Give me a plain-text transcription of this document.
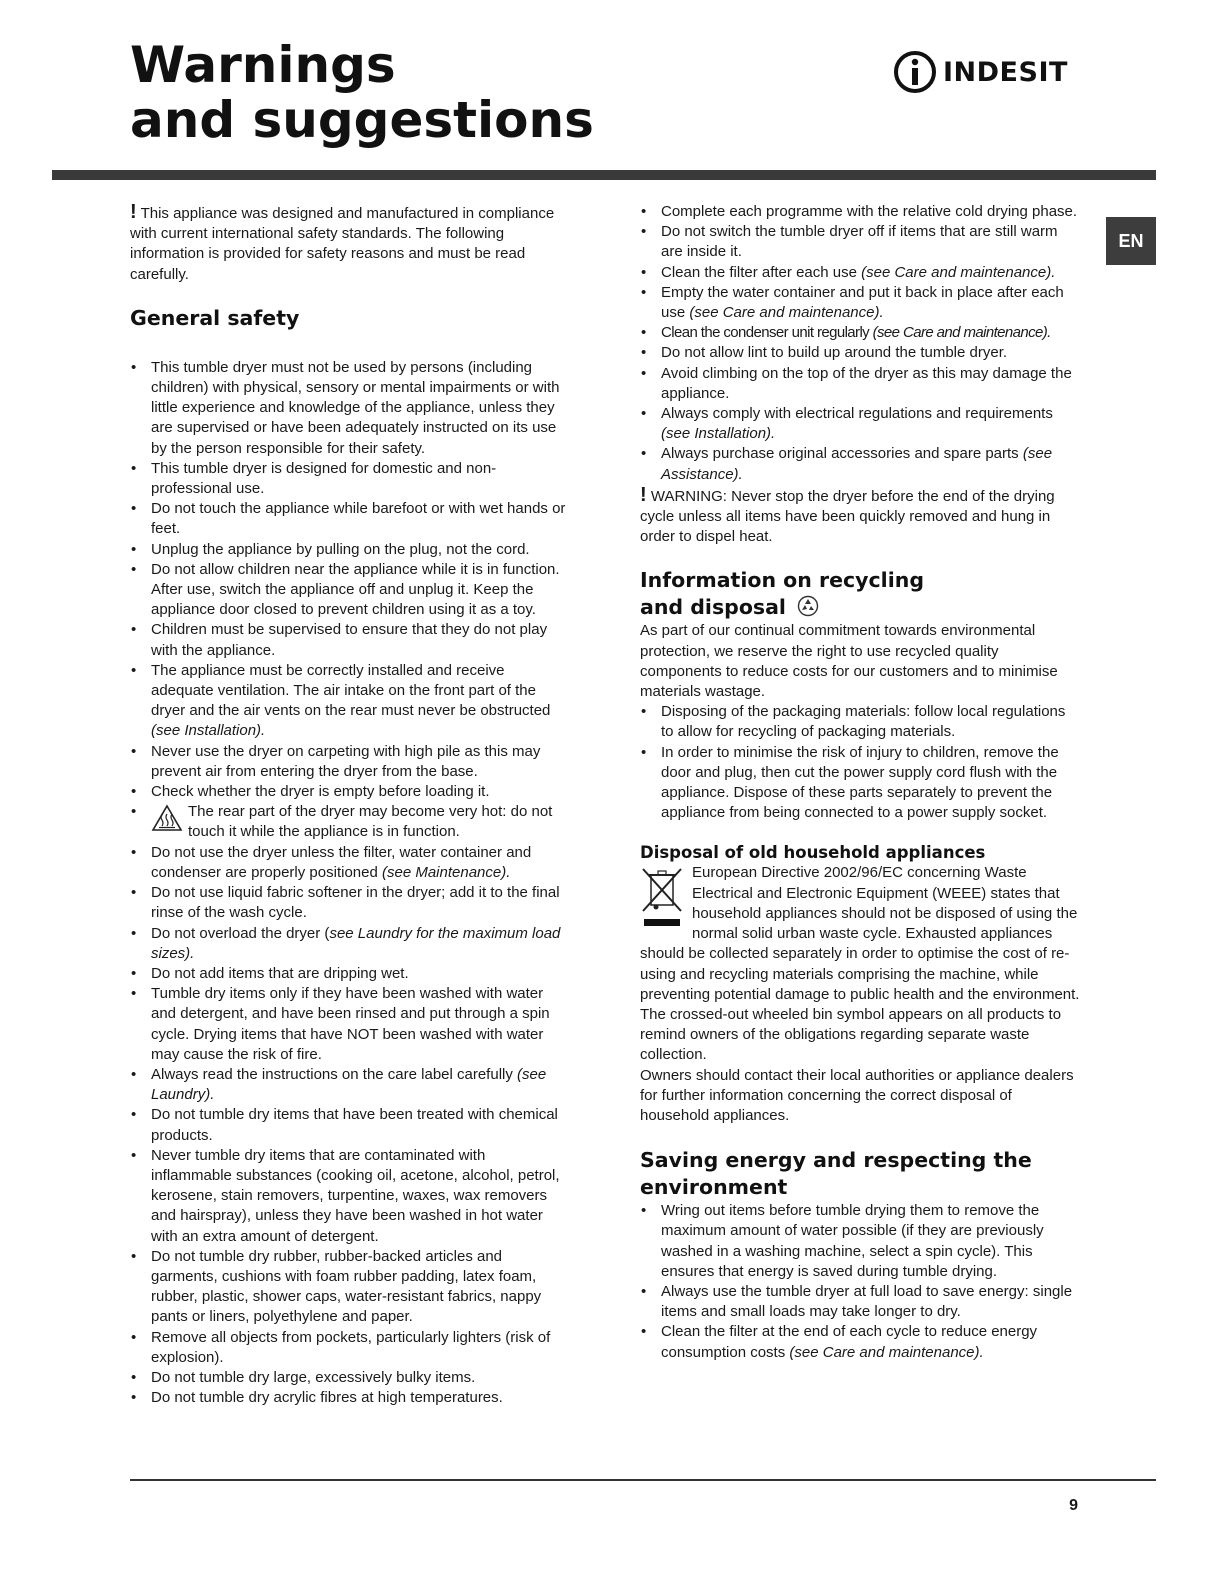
Warnings
and suggestions
INDESIT
EN

! This appliance was designed and manufactured in compliance with current international safety standards. The following information is provided for safety reasons and must be read carefully.

General safety
• This tumble dryer must not be used by persons (including children) with physical, sensory or mental impairments or with little experience and knowledge of the appliance, unless they are supervised or have been adequately instructed on its use by the person responsible for their safety.
• This tumble dryer is designed for domestic and non-professional use.
• Do not touch the appliance while barefoot or with wet hands or feet.
• Unplug the appliance by pulling on the plug, not the cord.
• Do not allow children near the appliance while it is in function. After use, switch the appliance off and unplug it. Keep the appliance door closed to prevent children using it as a toy.
• Children must be supervised to ensure that they do not play with the appliance.
• The appliance must be correctly installed and receive adequate ventilation. The air intake on the front part of the dryer and the air vents on the rear must never be obstructed (see Installation).
• Never use the dryer on carpeting with high pile as this may prevent air from entering the dryer from the base.
• Check whether the dryer is empty before loading it.
• The rear part of the dryer may become very hot: do not touch it while the appliance is in function.
• Do not use the dryer unless the filter, water container and condenser are properly positioned (see Maintenance).
• Do not use liquid fabric softener in the dryer; add it to the final rinse of the wash cycle.
• Do not overload the dryer (see Laundry for the maximum load sizes).
• Do not add items that are dripping wet.
• Tumble dry items only if they have been washed with water and detergent, and have been rinsed and put through a spin cycle. Drying items that have NOT been washed with water may cause the risk of fire.
• Always read the instructions on the care label carefully (see Laundry).
• Do not tumble dry items that have been treated with chemical products.
• Never tumble dry items that are contaminated with inflammable substances (cooking oil, acetone, alcohol, petrol, kerosene, stain removers, turpentine, waxes, wax removers and hairspray), unless they have been washed in hot water with an extra amount of detergent.
• Do not tumble dry rubber, rubber-backed articles and garments, cushions with foam rubber padding, latex foam, rubber, plastic, shower caps, water-resistant fabrics, nappy pants or liners, polyethylene and paper.
• Remove all objects from pockets, particularly lighters (risk of explosion).
• Do not tumble dry large, excessively bulky items.
• Do not tumble dry acrylic fibres at high temperatures.
• Complete each programme with the relative cold drying phase.
• Do not switch the tumble dryer off if items that are still warm are inside it.
• Clean the filter after each use (see Care and maintenance).
• Empty the water container and put it back in place after each use (see Care and maintenance).
• Clean the condenser unit regularly (see Care and maintenance).
• Do not allow lint to build up around the tumble dryer.
• Avoid climbing on the top of the dryer as this may damage the appliance.
• Always comply with electrical regulations and requirements (see Installation).
• Always purchase original accessories and spare parts (see Assistance).

! WARNING: Never stop the dryer before the end of the drying cycle unless all items have been quickly removed and hung in order to dispel heat.

Information on recycling
and disposal

As part of our continual commitment towards environmental protection, we reserve the right to use recycled quality components to reduce costs for our customers and to minimise materials wastage.

• Disposing of the packaging materials: follow local regulations to allow for recycling of packaging materials.
• In order to minimise the risk of injury to children, remove the door and plug, then cut the power supply cord flush with the appliance. Dispose of these parts separately to prevent the appliance from being connected to a power supply socket.
Disposal of old household appliances

European Directive 2002/96/EC concerning Waste Electrical and Electronic Equipment (WEEE) states that household appliances should not be disposed of using the normal solid urban waste cycle. Exhausted appliances should be collected separately in order to optimise the cost of re-using and recycling materials comprising the machine, while preventing potential damage to public health and the environment. The crossed-out wheeled bin symbol appears on all products to remind owners of the obligations regarding separate waste collection.

Owners should contact their local authorities or appliance dealers for further information concerning the correct disposal of household appliances.

Saving energy and respecting the
environment
• Wring out items before tumble drying them to remove the maximum amount of water possible (if they are previously washed in a washing machine, select a spin cycle). This ensures that energy is saved during tumble drying.
• Always use the tumble dryer at full load to save energy: single items and small loads may take longer to dry.
• Clean the filter at the end of each cycle to reduce energy consumption costs (see Care and maintenance).
9
